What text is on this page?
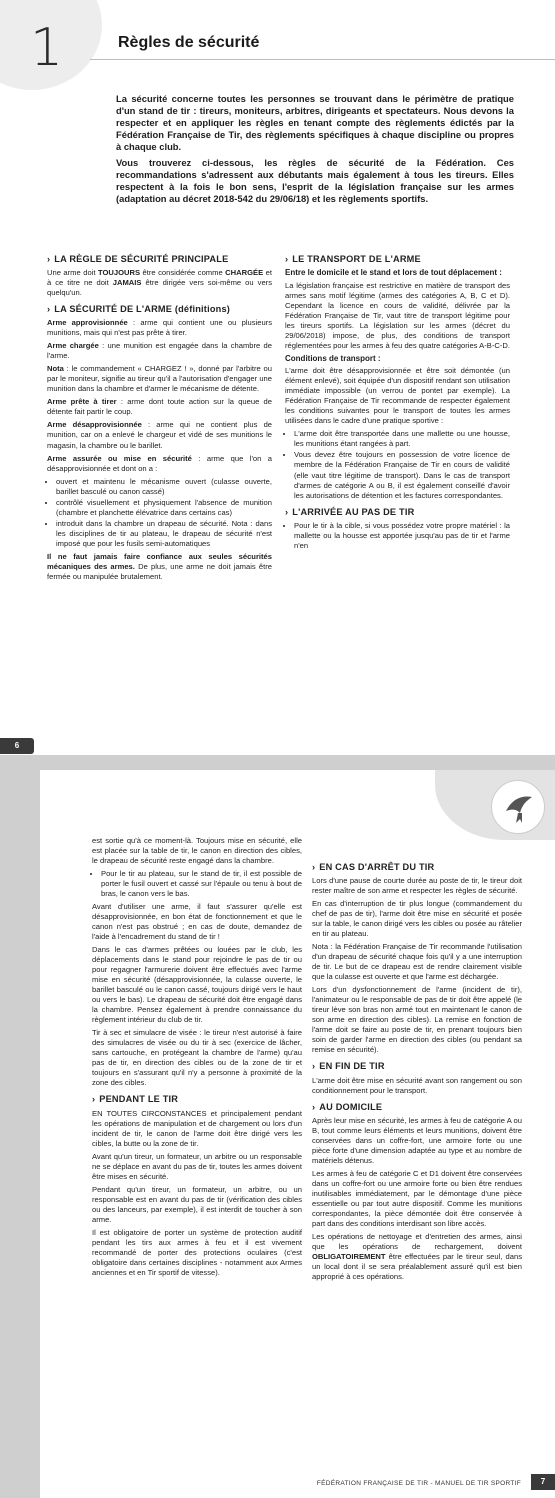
1	Règles de sécurité

La sécurité concerne toutes les personnes se trouvant dans le périmètre de pratique d'un stand de tir : tireurs, moniteurs, arbitres, dirigeants et spectateurs. Nous devons la respecter et en appliquer les règles en tenant compte des règlements édictés par la Fédération Française de Tir, des règlements spécifiques à chaque discipline ou propres à chaque club.

Vous trouverez ci-dessous, les règles de sécurité de la Fédération. Ces recommandations s'adressent aux débutants mais également à tous les tireurs. Elles respectent à la fois le bon sens, l'esprit de la législation française sur les armes (adaptation au décret 2018-542 du 29/06/18) et les règlements sportifs.

› LA RÈGLE DE SÉCURITÉ PRINCIPALE

Une arme doit TOUJOURS être considérée comme CHARGÉE et à ce titre ne doit JAMAIS être dirigée vers soi-même ou vers quelqu'un.

› LA SÉCURITÉ DE L'ARME (définitions)

Arme approvisionnée : arme qui contient une ou plusieurs munitions, mais qui n'est pas prête à tirer.

Arme chargée : une munition est engagée dans la chambre de l'arme.

Nota : le commandement « CHARGEZ ! », donné par l'arbitre ou par le moniteur, signifie au tireur qu'il a l'autorisation d'engager une munition dans la chambre et d'armer le mécanisme de détente.

Arme prête à tirer : arme dont toute action sur la queue de détente fait partir le coup.

Arme désapprovisionnée : arme qui ne contient plus de munition, car on a enlevé le chargeur et vidé de ses munitions le magasin, la chambre ou le barillet.

Arme assurée ou mise en sécurité : arme que l'on a désapprovisionnée et dont on a :

• ouvert et maintenu le mécanisme ouvert (culasse ouverte, barillet basculé ou canon cassé)
• contrôlé visuellement et physiquement l'absence de munition (chambre et planchette élévatrice dans certains cas)
• introduit dans la chambre un drapeau de sécurité. Nota : dans les disciplines de tir au plateau, le drapeau de sécurité n'est imposé que pour les fusils semi-automatiques

Il ne faut jamais faire confiance aux seules sécurités mécaniques des armes. De plus, une arme ne doit jamais être fermée ou manipulée brutalement.

› LE TRANSPORT DE L'ARME
Entre le domicile et le stand et lors de tout déplacement :

La législation française est restrictive en matière de transport des armes sans motif légitime (armes des catégories A, B, C et D). Cependant la licence en cours de validité, délivrée par la Fédération Française de Tir, vaut titre de transport légitime pour les tireurs sportifs. La législation sur les armes (décret du 29/06/2018) impose, de plus, des conditions de transport réglementées pour les armes à feu des quatre catégories A-B-C-D.

Conditions de transport :

L'arme doit être désapprovisionnée et être soit démontée (un élément enlevé), soit équipée d'un dispositif rendant son utilisation immédiate impossible (un verrou de pontet par exemple). La Fédération Française de Tir recommande de respecter également les conditions suivantes pour le transport de toutes les armes utilisées dans le cadre d'une pratique sportive :

• L'arme doit être transportée dans une mallette ou une housse, les munitions étant rangées à part.
• Vous devez être toujours en possession de votre licence de membre de la Fédération Française de Tir en cours de validité (elle vaut titre légitime de transport). Dans le cas de transport d'armes de catégorie A ou B, il est également conseillé d'avoir les autorisations de détention et les factures correspondantes.
› L'ARRIVÉE AU PAS DE TIR
• Pour le tir à la cible, si vous possédez votre propre matériel : la mallette ou la housse est apportée jusqu'au pas de tir et l'arme n'en
6

est sortie qu'à ce moment-là. Toujours mise en sécurité, elle est placée sur la table de tir, le canon en direction des cibles, le drapeau de sécurité reste engagé dans la chambre.

• Pour le tir au plateau, sur le stand de tir, il est possible de porter le fusil ouvert et cassé sur l'épaule ou tenu à bout de bras, le canon vers le bas.

Avant d'utiliser une arme, il faut s'assurer qu'elle est désapprovisionnée, en bon état de fonctionnement et que le canon n'est pas obstrué ; en cas de doute, demandez de l'aide à l'encadrement du stand de tir !

Dans le cas d'armes prêtées ou louées par le club, les déplacements dans le stand pour rejoindre le pas de tir ou pour regagner l'armurerie doivent être effectués avec l'arme mise en sécurité (désapprovisionnée, la culasse ouverte, le barillet basculé ou le canon cassé, toujours dirigé vers le haut ou vers le bas). Le drapeau de sécurité doit être engagé dans la chambre. Pensez également à prendre connaissance du règlement intérieur du club de tir.

Tir à sec et simulacre de visée : le tireur n'est autorisé à faire des simulacres de visée ou du tir à sec (exercice de lâcher, sans cartouche, en protégeant la chambre de l'arme) qu'au pas de tir, en direction des cibles ou de la zone de tir et toujours en s'assurant qu'il n'y a personne à proximité de la zone des cibles.

› PENDANT LE TIR

EN TOUTES CIRCONSTANCES et principalement pendant les opérations de manipulation et de chargement ou lors d'un incident de tir, le canon de l'arme doit être dirigé vers les cibles, la butte ou la zone de tir.

Avant qu'un tireur, un formateur, un arbitre ou un responsable ne se déplace en avant du pas de tir, toutes les armes doivent être mises en sécurité.

Pendant qu'un tireur, un formateur, un arbitre, ou un responsable est en avant du pas de tir (vérification des cibles ou des lanceurs, par exemple), il est interdit de toucher à son arme.

Il est obligatoire de porter un système de protection auditif pendant les tirs aux armes à feu et il est vivement recommandé de porter des protections oculaires (c'est obligatoire dans certaines disciplines - notamment aux Armes anciennes et en Tir sportif de vitesse).

› EN CAS D'ARRÊT DU TIR

Lors d'une pause de courte durée au poste de tir, le tireur doit rester maître de son arme et respecter les règles de sécurité.

En cas d'interruption de tir plus longue (commandement du chef de pas de tir), l'arme doit être mise en sécurité et posée sur la table, le canon dirigé vers les cibles ou posée au râtelier en tir au plateau.

Nota : la Fédération Française de Tir recommande l'utilisation d'un drapeau de sécurité chaque fois qu'il y a une interruption de tir. Le but de ce drapeau est de rendre clairement visible que la culasse est ouverte et que l'arme est déchargée.

Lors d'un dysfonctionnement de l'arme (incident de tir), l'animateur ou le responsable de pas de tir doit être appelé (le tireur lève son bras non armé tout en maintenant le canon de son arme en direction des cibles). La remise en fonction de l'arme doit se faire au poste de tir, en prenant toujours bien soin de garder l'arme en direction des cibles (ou pendant sa remise en sécurité).

› EN FIN DE TIR

L'arme doit être mise en sécurité avant son rangement ou son conditionnement pour le transport.

› AU DOMICILE

Après leur mise en sécurité, les armes à feu de catégorie A ou B, tout comme leurs éléments et leurs munitions, doivent être conservées dans un coffre-fort, une armoire forte ou une pièce forte d'une dimension adaptée au type et au nombre de matériels détenus.

Les armes à feu de catégorie C et D1 doivent être conservées dans un coffre-fort ou une armoire forte ou bien être rendues inutilisables immédiatement, par le démontage d'une pièce essentielle ou par tout autre dispositif. Comme les munitions correspondantes, la pièce démontée doit être conservée à part dans des conditions interdisant son libre accès.

Les opérations de nettoyage et d'entretien des armes, ainsi que les opérations de rechargement, doivent OBLIGATOIREMENT être effectuées par le tireur seul, dans un local dont il se sera préalablement assuré qu'il est bien approprié à ces opérations.

FÉDÉRATION FRANÇAISE DE TIR - MANUEL DE TIR SPORTIF	7
